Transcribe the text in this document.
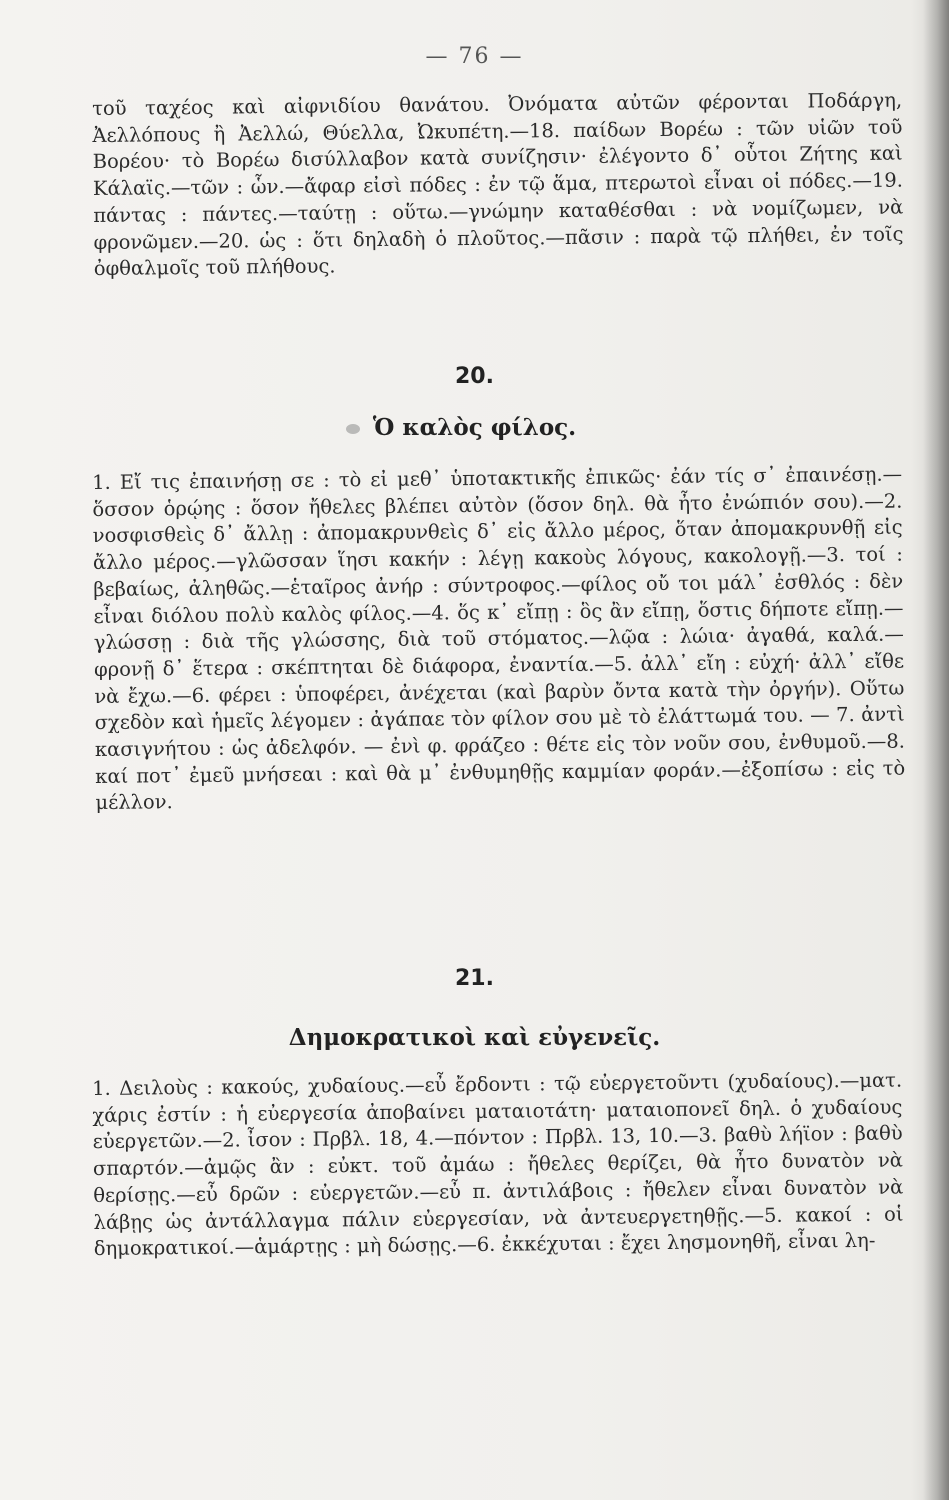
— 76 —

τοῦ ταχέος καὶ αἰφνιδίου θανάτου. Ὀνόματα αὐτῶν φέρονται Ποδάργη, Ἀελλόπους ἢ Ἀελλώ, Θύελλα, Ὠκυπέτη.—18. παίδων Βορέω : τῶν υἱῶν τοῦ Βορέου· τὸ Βορέω δισύλλαβον κατὰ συνίζησιν· ἐλέγοντο δ᾽ οὗτοι Ζήτης καὶ Κάλαϊς.—τῶν : ὧν.—ἄφαρ εἰσὶ πόδες : ἐν τῷ ἅμα, πτερωτοὶ εἶναι οἱ πόδες.—19. πάντας : πάντες.—ταύτῃ : οὕτω.—γνώμην καταθέσθαι : νὰ νομίζωμεν, νὰ φρονῶμεν.—20. ὡς : ὅτι δηλαδὴ ὁ πλοῦτος.—πᾶσιν : παρὰ τῷ πλήθει, ἐν τοῖς ὀφθαλμοῖς τοῦ πλήθους.

20.
Ὁ καλὸς φίλος.

1. Εἴ τις ἐπαινήσῃ σε : τὸ εἰ μεθ᾽ ὑποτακτικῆς ἐπικῶς· ἐάν τίς σ᾽ ἐπαινέσῃ.— ὅσσον ὁρῴης : ὅσον ἤθελες βλέπει αὐτὸν (ὅσον δηλ. θὰ ἦτο ἐνώπιόν σου).—2. νοσφισθεὶς δ᾽ ἄλλῃ : ἀπομακρυνθεὶς δ᾽ εἰς ἄλλο μέρος, ὅταν ἀπομακρυνθῇ εἰς ἄλλο μέρος.—γλῶσσαν ἵησι κακήν : λέγῃ κακοὺς λόγους, κακολογῇ.—3. τοί : βεβαίως, ἀληθῶς.—ἑταῖρος ἀνήρ : σύντροφος.—φίλος οὔ τοι μάλ᾽ ἐσθλός : δὲν εἶναι διόλου πολὺ καλὸς φίλος.—4. ὅς κ᾽ εἴπῃ : ὃς ἂν εἴπῃ, ὅστις δήποτε εἴπῃ.—γλώσσῃ : διὰ τῆς γλώσσης, διὰ τοῦ στόματος.—λῷα : λώια· ἀγαθά, καλά.—φρονῇ δ᾽ ἕτερα : σκέπτηται δὲ διάφορα, ἐναντία.—5. ἀλλ᾽ εἴη : εὐχή· ἀλλ᾽ εἴθε νὰ ἔχω.—6. φέρει : ὑποφέρει, ἀνέχεται (καὶ βαρὺν ὄντα κατὰ τὴν ὀργήν). Οὕτω σχεδὸν καὶ ἡμεῖς λέγομεν : ἀγάπαε τὸν φίλον σου μὲ τὸ ἐλάττωμά του. — 7. ἀντὶ κασιγνήτου : ὡς ἀδελφόν. — ἐνὶ φ. φράζεο : θέτε εἰς τὸν νοῦν σου, ἐνθυμοῦ.—8. καί ποτ᾽ ἐμεῦ μνήσεαι : καὶ θὰ μ᾽ ἐνθυμηθῇς καμμίαν φοράν.—ἐξοπίσω : εἰς τὸ μέλλον.

21.
Δημοκρατικοὶ καὶ εὐγενεῖς.

1. Δειλοὺς : κακούς, χυδαίους.—εὖ ἔρδοντι : τῷ εὐεργετοῦντι (χυδαίους).—ματ. χάρις ἐστίν : ἡ εὐεργεσία ἀποβαίνει ματαιοτάτη· ματαιοπονεῖ δηλ. ὁ χυδαίους εὐεργετῶν.—2. ἶσον : Πρβλ. 18, 4.—πόντον : Πρβλ. 13, 10.—3. βαθὺ λήϊον : βαθὺ σπαρτόν.—ἀμῷς ἂν : εὐκτ. τοῦ ἀμάω : ἤθελες θερίζει, θὰ ἦτο δυνατὸν νὰ θερίσῃς.—εὖ δρῶν : εὐεργετῶν.—εὖ π. ἀντιλάβοις : ἤθελεν εἶναι δυνατὸν νὰ λάβῃς ὡς ἀντάλλαγμα πάλιν εὐεργεσίαν, νὰ ἀντευεργετηθῇς.—5. κακοί : οἱ δημοκρατικοί.—ἁμάρτῃς : μὴ δώσῃς.—6. ἐκκέχυται : ἔχει λησμονηθῆ, εἶναι λη-
